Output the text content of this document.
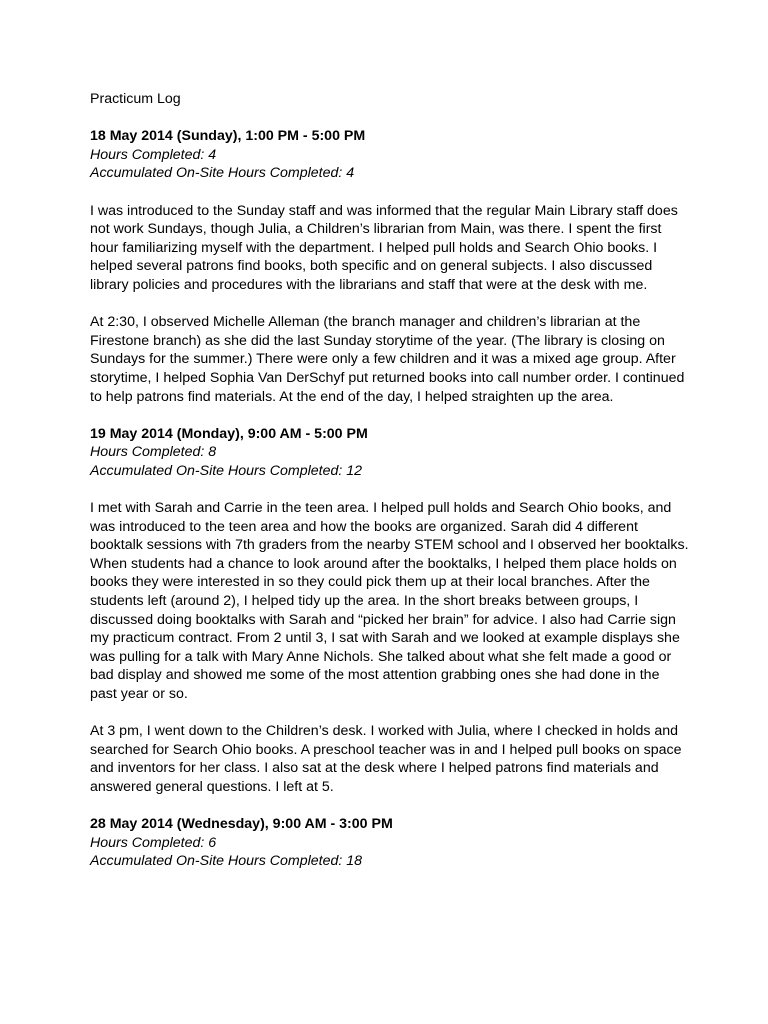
Practicum Log

18 May 2014 (Sunday), 1:00 PM - 5:00 PM

Hours Completed: 4

Accumulated On-Site Hours Completed: 4

I was introduced to the Sunday staff and was informed that the regular Main Library staff does not work Sundays, though Julia, a Children’s librarian from Main, was there. I spent the first hour familiarizing myself with the department. I helped pull holds and Search Ohio books. I helped several patrons find books, both specific and on general subjects. I also discussed library policies and procedures with the librarians and staff that were at the desk with me.

At 2:30, I observed Michelle Alleman (the branch manager and children’s librarian at the Firestone branch) as she did the last Sunday storytime of the year. (The library is closing on Sundays for the summer.) There were only a few children and it was a mixed age group. After storytime, I helped Sophia Van DerSchyf put returned books into call number order. I continued to help patrons find materials. At the end of the day, I helped straighten up the area.

19 May 2014 (Monday), 9:00 AM - 5:00 PM

Hours Completed: 8

Accumulated On-Site Hours Completed: 12

I met with Sarah and Carrie in the teen area. I helped pull holds and Search Ohio books, and was introduced to the teen area and how the books are organized. Sarah did 4 different booktalk sessions with 7th graders from the nearby STEM school and I observed her booktalks. When students had a chance to look around after the booktalks, I helped them place holds on books they were interested in so they could pick them up at their local branches. After the students left (around 2), I helped tidy up the area. In the short breaks between groups, I discussed doing booktalks with Sarah and “picked her brain” for advice. I also had Carrie sign my practicum contract. From 2 until 3, I sat with Sarah and we looked at example displays she was pulling for a talk with Mary Anne Nichols. She talked about what she felt made a good or bad display and showed me some of the most attention grabbing ones she had done in the past year or so.

At 3 pm, I went down to the Children’s desk. I worked with Julia, where I checked in holds and searched for Search Ohio books. A preschool teacher was in and I helped pull books on space and inventors for her class. I also sat at the desk where I helped patrons find materials and answered general questions. I left at 5.

28 May 2014 (Wednesday), 9:00 AM - 3:00 PM

Hours Completed: 6

Accumulated On-Site Hours Completed: 18
